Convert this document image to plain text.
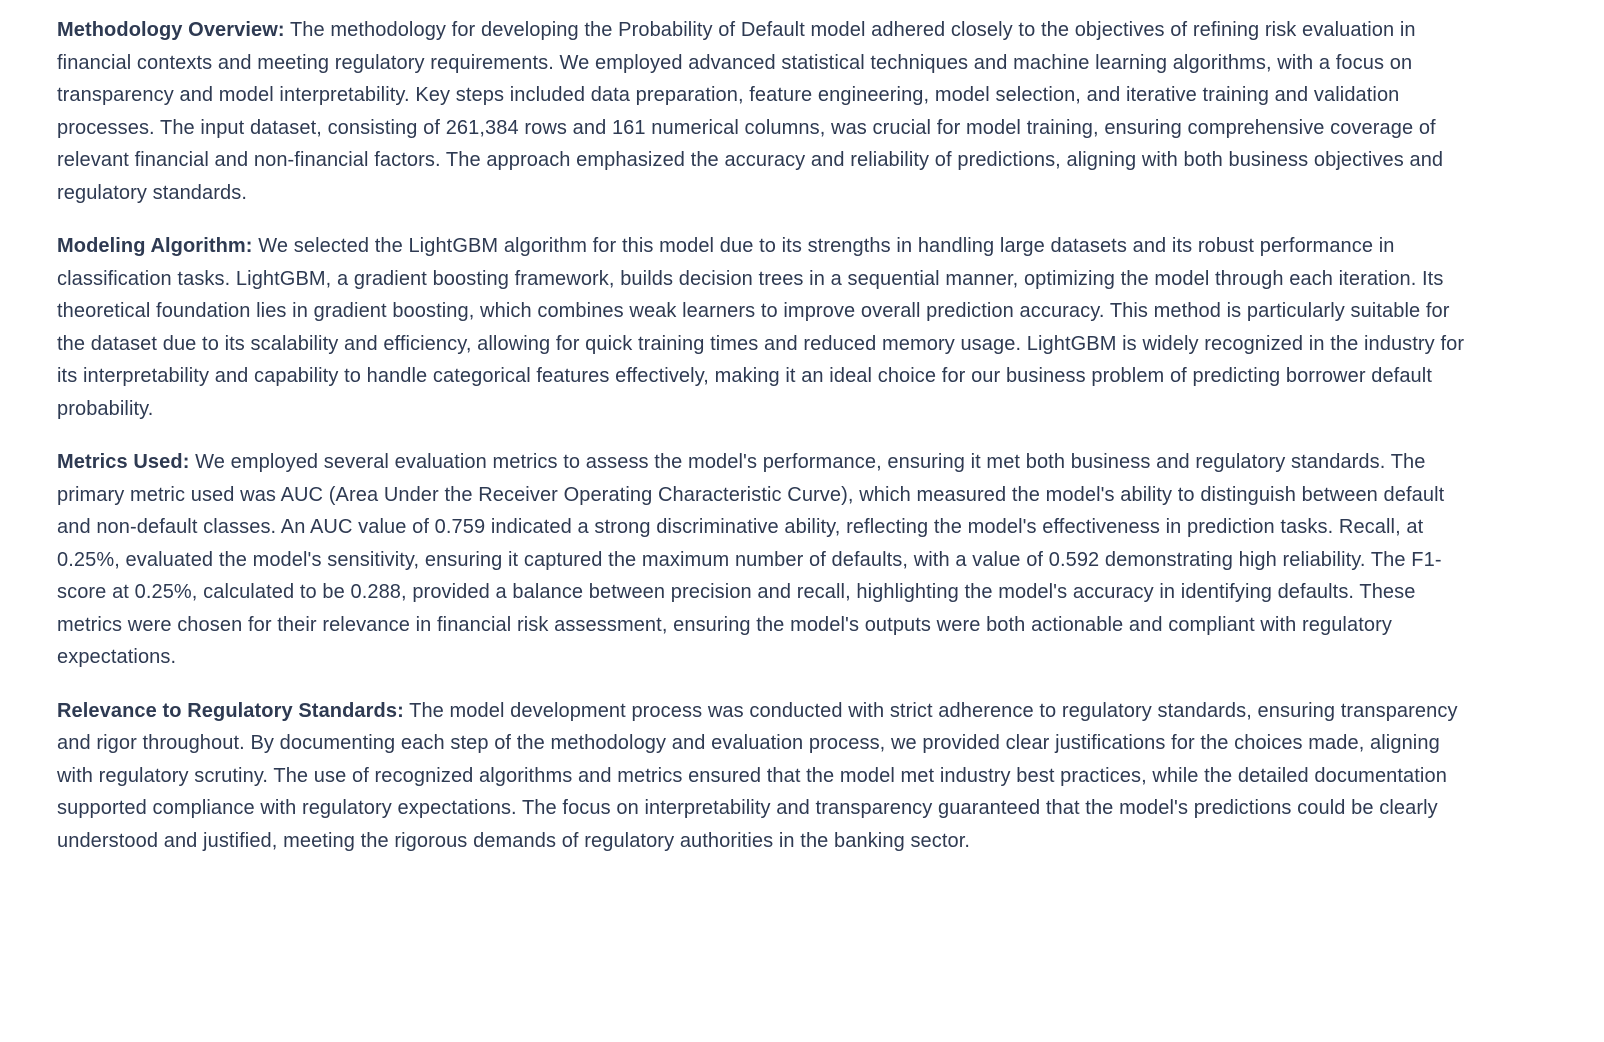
Methodology Overview: The methodology for developing the Probability of Default model adhered closely to the objectives of refining risk evaluation in financial contexts and meeting regulatory requirements. We employed advanced statistical techniques and machine learning algorithms, with a focus on transparency and model interpretability. Key steps included data preparation, feature engineering, model selection, and iterative training and validation processes. The input dataset, consisting of 261,384 rows and 161 numerical columns, was crucial for model training, ensuring comprehensive coverage of relevant financial and non-financial factors. The approach emphasized the accuracy and reliability of predictions, aligning with both business objectives and regulatory standards.

Modeling Algorithm: We selected the LightGBM algorithm for this model due to its strengths in handling large datasets and its robust performance in classification tasks. LightGBM, a gradient boosting framework, builds decision trees in a sequential manner, optimizing the model through each iteration. Its theoretical foundation lies in gradient boosting, which combines weak learners to improve overall prediction accuracy. This method is particularly suitable for the dataset due to its scalability and efficiency, allowing for quick training times and reduced memory usage. LightGBM is widely recognized in the industry for its interpretability and capability to handle categorical features effectively, making it an ideal choice for our business problem of predicting borrower default probability.

Metrics Used: We employed several evaluation metrics to assess the model's performance, ensuring it met both business and regulatory standards. The primary metric used was AUC (Area Under the Receiver Operating Characteristic Curve), which measured the model's ability to distinguish between default and non-default classes. An AUC value of 0.759 indicated a strong discriminative ability, reflecting the model's effectiveness in prediction tasks. Recall, at 0.25%, evaluated the model's sensitivity, ensuring it captured the maximum number of defaults, with a value of 0.592 demonstrating high reliability. The F1-score at 0.25%, calculated to be 0.288, provided a balance between precision and recall, highlighting the model's accuracy in identifying defaults. These metrics were chosen for their relevance in financial risk assessment, ensuring the model's outputs were both actionable and compliant with regulatory expectations.

Relevance to Regulatory Standards: The model development process was conducted with strict adherence to regulatory standards, ensuring transparency and rigor throughout. By documenting each step of the methodology and evaluation process, we provided clear justifications for the choices made, aligning with regulatory scrutiny. The use of recognized algorithms and metrics ensured that the model met industry best practices, while the detailed documentation supported compliance with regulatory expectations. The focus on interpretability and transparency guaranteed that the model's predictions could be clearly understood and justified, meeting the rigorous demands of regulatory authorities in the banking sector.
